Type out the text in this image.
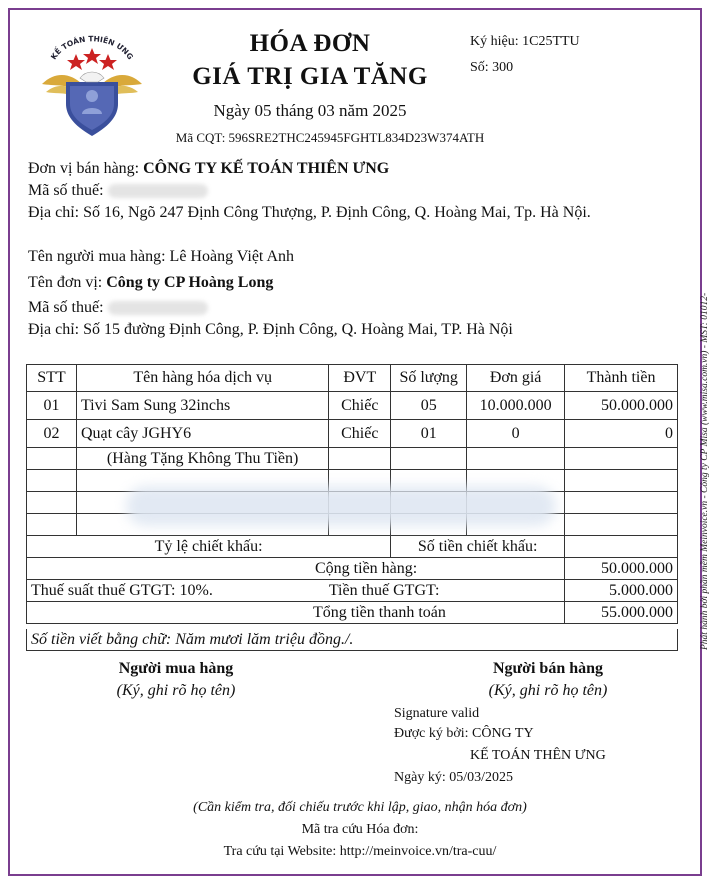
KẾ TOÁN THIÊN ƯNG	HÓA ĐƠN
GIÁ TRỊ GIA TĂNG
Ngày 05 tháng 03 năm 2025
Mã CQT: 596SRE2THC245945FGHTL834D23W374ATH
Ký hiệu: 1C25TTU
Số: 300
Đơn vị bán hàng: CÔNG TY KẾ TOÁN THIÊN ƯNG
Mã số thuế:
Địa chỉ: Số 16, Ngõ 247 Định Công Thượng, P. Định Công, Q. Hoàng Mai, Tp. Hà Nội.
Tên người mua hàng: Lê Hoàng Việt Anh
Tên đơn vị: Công ty CP Hoàng Long
Mã số thuế:
Địa chỉ: Số 15 đường Định Công, P. Định Công, Q. Hoàng Mai, TP. Hà Nội
STT	Tên hàng hóa dịch vụ	ĐVT	Số lượng	Đơn giá	Thành tiền
01	Tivi Sam Sung 32inchs	Chiếc	05	10.000.000	50.000.000
02	Quạt cây JGHY6	Chiếc	01	0	0
	(Hàng Tặng Không Thu Tiền)				

Tỷ lệ chiết khấu:			Số tiền chiết khấu:		
Cộng tiền hàng:					50.000.000
Thuế suất thuế GTGT: 10%.		Tiền thuế GTGT:			5.000.000
Tổng tiền thanh toán					55.000.000
Số tiền viết bằng chữ: Năm mươi lăm triệu đồng./.
Người mua hàng
(Ký, ghi rõ họ tên)
Người bán hàng
(Ký, ghi rõ họ tên)
Signature valid
Được ký bởi: CÔNG TY
KẾ TOÁN THÊN ƯNG
Ngày ký: 05/03/2025
(Cần kiểm tra, đối chiếu trước khi lập, giao, nhận hóa đơn)
Mã tra cứu Hóa đơn:
Tra cứu tại Website: http://meinvoice.vn/tra-cuu/
Phát hành bởi phần mềm Meinvoice.vn - Công ty CP Misa (www.misa.com.vn) - MST: 01012-
